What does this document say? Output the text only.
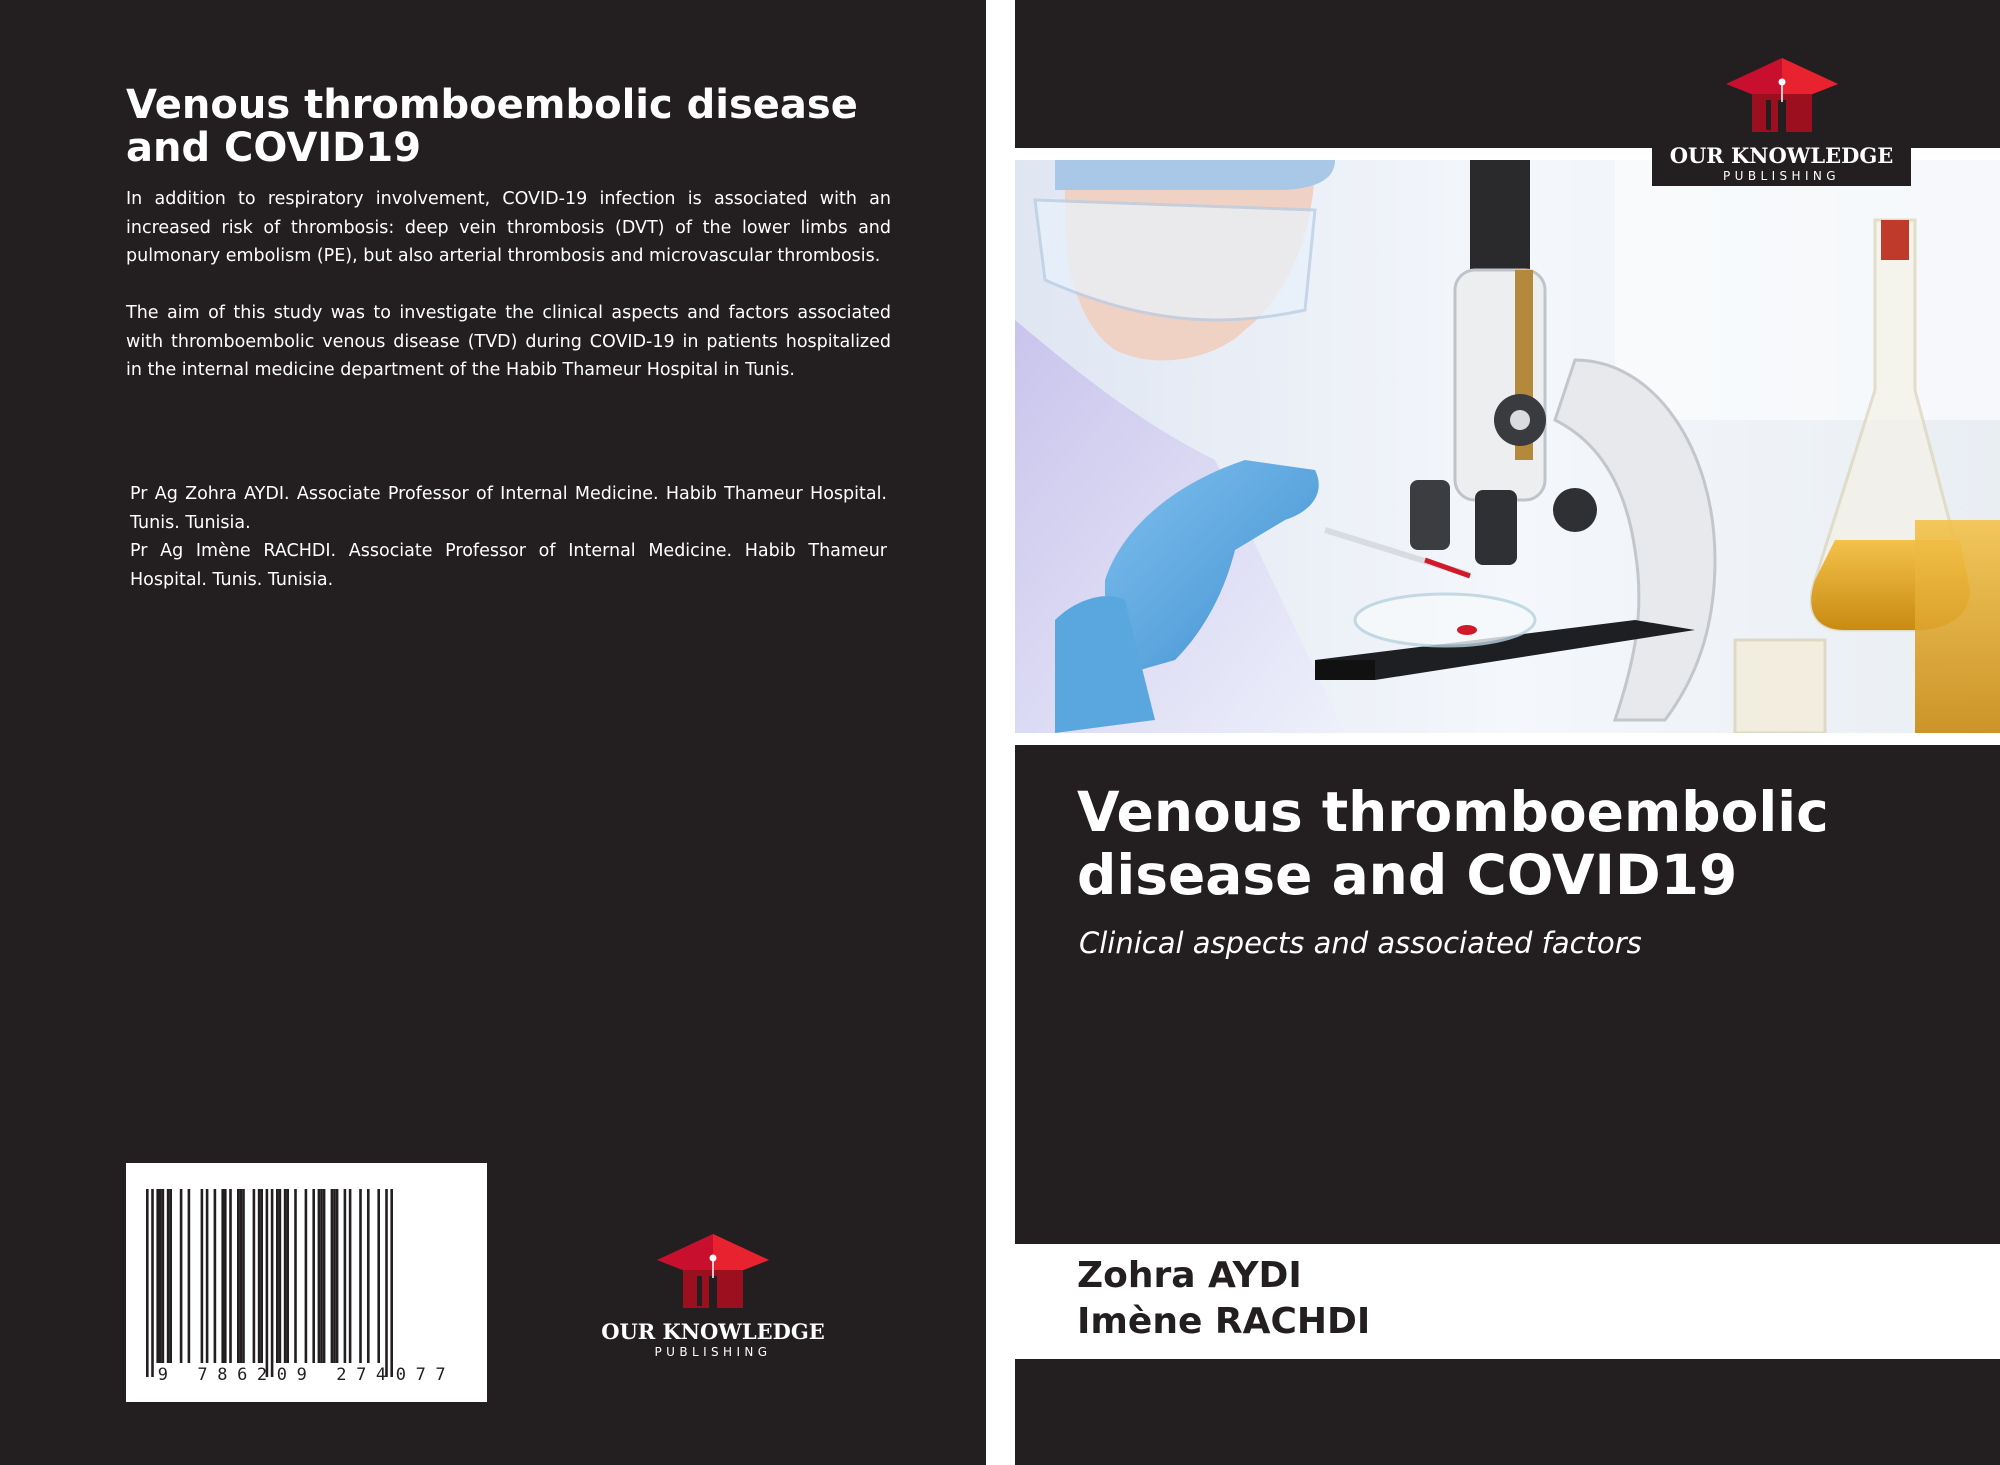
Venous thromboembolic disease and COVID19

In addition to respiratory involvement, COVID-19 infection is associated with an increased risk of thrombosis: deep vein thrombosis (DVT) of the lower limbs and pulmonary embolism (PE), but also arterial thrombosis and microvascular thrombosis.

The aim of this study was to investigate the clinical aspects and factors associated with thromboembolic venous disease (TVD) during COVID-19 in patients hospitalized in the internal medicine department of the Habib Thameur Hospital in Tunis.

Pr Ag Zohra AYDI. Associate Professor of Internal Medicine. Habib Thameur Hospital. Tunis. Tunisia.

Pr Ag Imène RACHDI. Associate Professor of Internal Medicine. Habib Thameur Hospital. Tunis. Tunisia.

9 786209 274077
OUR KNOWLEDGE
PUBLISHING
OUR KNOWLEDGE
PUBLISHING
Venous thromboembolic disease and COVID19
Clinical aspects and associated factors

Zohra AYDI

Imène RACHDI
